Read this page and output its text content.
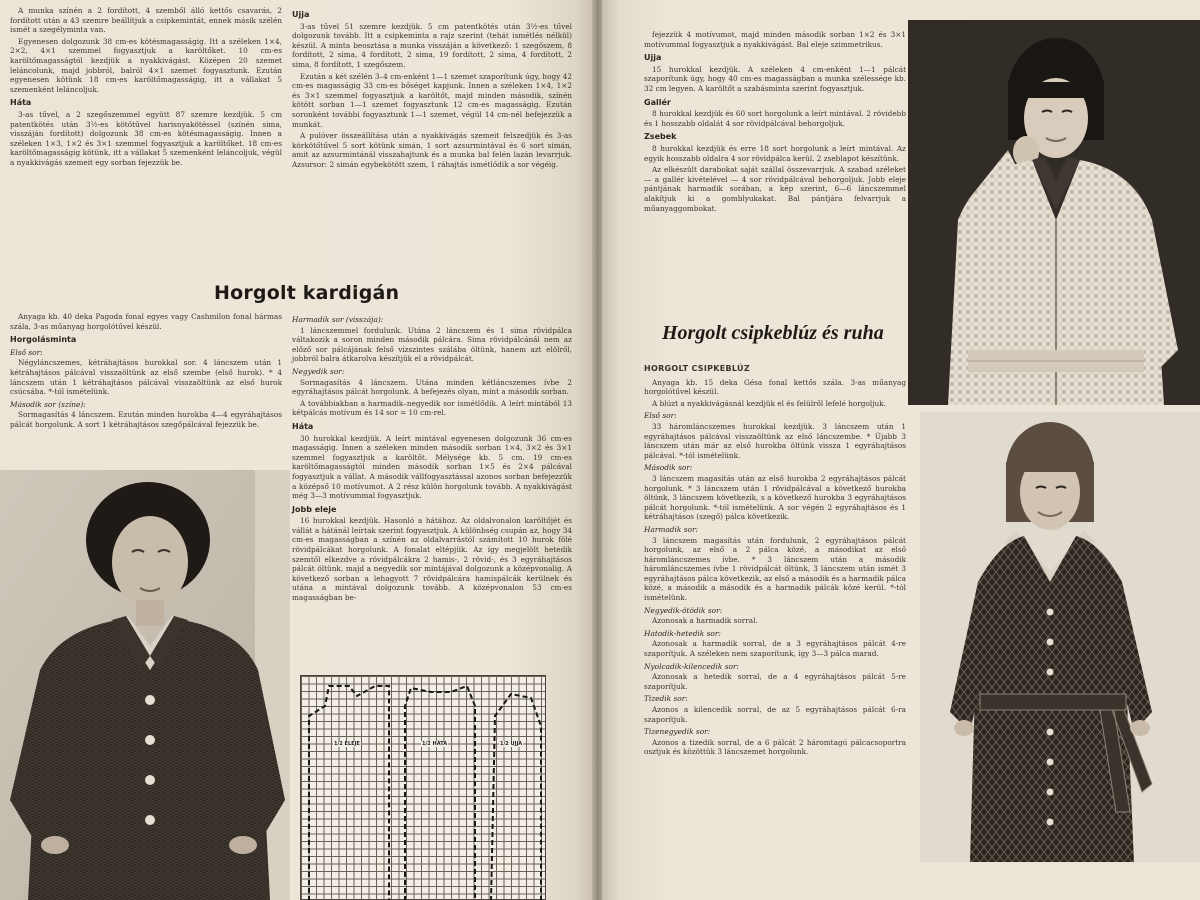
A munka színén a 2 fordított, 4 szemből álló kettős csavarás, 2 fordított után a 43 szemre beállítjuk a csipkemintát, ennek másik szélén ismét a szegélyminta van.

Egyenesen dolgozunk 38 cm-es kötésmagasságig. Itt a széleken 1×4, 2×2, 4×1 szemmel fogyasztjuk a karöltőket. 10 cm-es karöltőmagasságtól kezdjük a nyakkivágást. Középen 20 szemet leláncolunk, majd jobbról, balról 4×1 szemet fogyasztunk. Ezután egyenesen kötünk 18 cm-es karöltőmagasságig, itt a vállakat 5 szemenként leláncoljuk.

Háta

3-as tűvel, a 2 szegőszemmel együtt 87 szemre kezdjük. 5 cm patentkötés után 3½-es kötőtűvel harisnyakötéssel (színén sima, visszáján fordított) dolgozunk 38 cm-es kötésmagasságig. Innen a széleken 1×3, 1×2 és 3×1 szemmel fogyasztjuk a karöltőket. 18 cm-es karöltőmagasságig kötünk, itt a vállakat 5 szemenként leláncoljuk, végül a nyakkivágás szemeit egy sorban fejezzük be.

Ujja

3-as tűvel 51 szemre kezdjük. 5 cm patentkötés után 3½-es tűvel dolgozunk tovább. Itt a csipkeminta a rajz szerint (tehát ismétlés nélkül) készül. A minta beosztása a munka visszáján a következő: 1 szegőszem, 8 fordított, 2 sima, 4 fordított, 2 sima, 19 fordított, 2 sima, 4 fordított, 2 sima, 8 fordított, 1 szegőszem.

Ezután a két szélén 3–4 cm-enként 1—1 szemet szaporítunk úgy, hogy 42 cm-es magasságig 33 cm-es bőséget kapjunk. Innen a széleken 1×4, 1×2 és 3×1 szemmel fogyasztjuk a karöltőt, majd minden második, színén kötött sorban 1—1 szemet fogyasztunk 12 cm-es magasságig. Ezután soronként további fogyasztunk 1—1 szemet, végül 14 cm-nél befejezzük a munkát.

A pulóver összeállítása után a nyakkivágás szemeit felszedjük és 3-as körkötőtűvel 5 sort kötünk simán, 1 sort azsurmintával és 6 sort simán, amit az azsurmintánál visszahajtunk és a munka bal felén lazán levarrjuk. Azsursor: 2 simán egybekötött szem, 1 ráhajtás ismétlődik a sor végéig.

Horgolt kardigán

Anyaga kb. 40 deka Pagoda fonal egyes vagy Cashmilon fonal hármas szála, 3-as műanyag horgolótűvel készül.

Horgolásminta
Első sor:

Négyláncszemes, kétráhajtásos hurokkal sor. 4 láncszem után 1 kétráhajtásos pálcával visszaöltünk az első szembe (első hurok). * 4 láncszem után 1 kétráhajtásos pálcával visszaöltünk az első hurok csúcsába. *-tól ismételünk.

Második sor (színe):

Sormagasítás 4 láncszem. Ezután minden hurokba 4—4 egyráhajtásos pálcát horgolunk. A sort 1 kétráhajtásos szegőpálcával fejezzük be.

Harmadik sor (visszája):

1 láncszemmel fordulunk. Utána 2 láncszem és 1 sima rövidpálca váltakozik a soron minden második pálcára. Sima rövidpálcánál nem az előző sor pálcájának felső vízszintes szálába öltünk, hanem azt elölről, jobbról balra átkarolva készítjük el a rövidpálcát.

Negyedik sor:

Sormagasítás 4 láncszem. Utána minden kétláncszemes ívbe 2 egyráhajtásos pálcát horgolunk. A befejezés olyan, mint a második sorban.

A továbbiakban a harmadik–negyedik sor ismétlődik. A leírt mintából 13 kétpálcás motívum és 14 sor = 10 cm-rel.

Háta

30 hurokkal kezdjük. A leírt mintával egyenesen dolgozunk 36 cm-es magasságig. Innen a széleken minden második sorban 1×4, 3×2 és 3×1 szemmel fogyasztjuk a karöltőt. Mélysége kb. 5 cm. 19 cm-es karöltőmagasságtól minden második sorban 1×5 és 2×4 pálcával fogyasztjuk a vállat. A második vállfogyasztással azonos sorban befejezzük a középső 10 motívumot. A 2 rész külön horgolunk tovább. A nyakkivágást még 3—3 motívummal fogyasztjuk.

Jobb eleje

16 hurokkal kezdjük. Hasonló a hátához. Az oldalvonalon karöltőjét és vállát a hátánál leírtak szerint fogyasztjuk. A különbség csupán az, hogy 34 cm-es magasságban a színén az oldalvarrástól számított 10 hurok fölé rövidpálcákat horgolunk. A fonalat eltépjük. Az így megjelölt hetedik szemtől elkezdve a rövidpálcákra 2 hamis-, 2 rövid-, és 3 egyráhajtásos pálcát öltünk, majd a negyedik sor mintájával dolgozunk a középvonalig. A következő sorban a lehagyott 7 rövidpálcára hamispálcák kerülnek és utána a mintával dolgozunk tovább. A középvonalon 53 cm-es magasságban be-

1/2 ELEJE	1/2 HÁTA	1/2 UJJA

fejezzük 4 motívumot, majd minden második sorban 1×2 és 3×1 motívummal fogyasztjuk a nyakkivágást. Bal eleje szimmetrikus.

Ujja

15 hurokkal kezdjük. A széleken 4 cm-enként 1—1 pálcát szaporítunk úgy, hogy 40 cm-es magasságban a munka szélessége kb. 32 cm legyen. A karöltőt a szabásminta szerint fogyasztjuk.

Gallér

8 hurokkal kezdjük és 60 sort horgolunk a leírt mintával. 2 rövidebb és 1 hosszabb oldalát 4 sor rövidpálcával behorgoljuk.

Zsebek

8 hurokkal kezdjük és erre 18 sort horgolunk a leírt mintával. Az egyik hosszabb oldalra 4 sor rövidpálca kerül. 2 zseblapot készítünk.

Az elkészült darabokat saját szállal összevarrjuk. A szabad széleket — a gallér kivételével — 4 sor rövidpálcával behorgoljuk. Jobb eleje pántjának harmadik sorában, a kép szerint, 6—6 láncszemmel alakítjuk ki a gomblyukakat. Bal pántjára felvarrjuk a műanyaggombokat.

Horgolt csipkeblúz és ruha
HORGOLT CSIPKEBLÚZ

Anyaga kb. 15 deka Gésa fonal kettős szála. 3-as műanyag horgolótűvel készül.

A blúzt a nyakkivágásnál kezdjük el és felülről lefelé horgoljuk.

Első sor:

33 háromláncszemes hurokkal kezdjük. 3 láncszem után 1 egyráhajtásos pálcával visszaöltünk az első láncszembe. * Újabb 3 láncszem után már az első hurokba öltünk vissza 1 egyráhajtásos pálcával. *-tól ismételünk.

Második sor:

3 láncszem magasítás után az első hurokba 2 egyráhajtásos pálcát horgolunk. * 3 láncszem után 1 rövidpálcával a következő hurokba öltünk, 3 láncszem következik, s a következő hurokba 3 egyráhajtásos pálcát horgolunk. *-tól ismételünk. A sor végén 2 egyráhajtásos és 1 kétráhajtásos (szegő) pálca következik.

Harmadik sor:

3 láncszem magasítás után fordulunk, 2 egyráhajtásos pálcát horgolunk, az első a 2 pálca közé, a másodikat az első háromláncszemes ívbe. * 3 láncszem után a második háromláncszemes ívbe 1 rövidpálcát öltünk, 3 láncszem után ismét 3 egyráhajtásos pálca következik, az első a második és a harmadik pálca közé, a második a második és a harmadik pálcák közé kerül. *-tól ismételünk.

Negyedik-ötödik sor:

Azonosak a harmadik sorral.

Hatodik-hetedik sor:

Azonosak a harmadik sorral, de a 3 egyráhajtásos pálcát 4-re szaporítjuk. A széleken nem szaporítunk, így 3—3 pálca marad.

Nyolcadik-kilencedik sor:

Azonosak a hetedik sorral, de a 4 egyráhajtásos pálcát 5-re szaporítjuk.

Tizedik sor:

Azonos a kilencedik sorral, de az 5 egyráhajtásos pálcát 6-ra szaporítjuk.

Tizenegyedik sor:

Azonos a tizedik sorral, de a 6 pálcát 2 háromtagú pálcacsoportra osztjuk és közöttük 3 láncszemet horgolunk.
